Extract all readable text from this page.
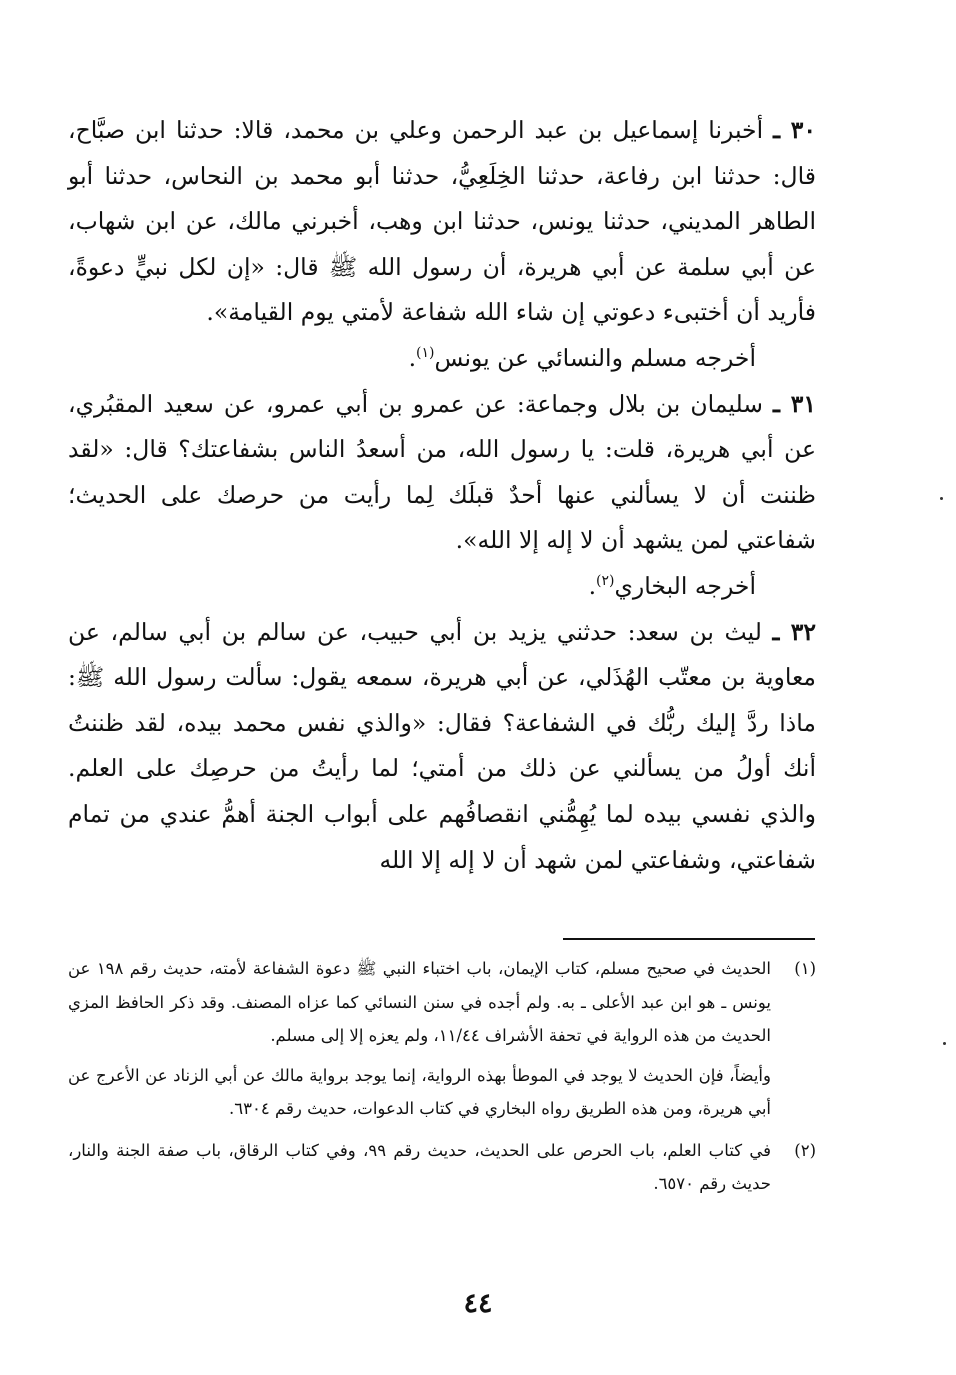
٣٠ ـ أخبرنا إسماعيل بن عبد الرحمن وعلي بن محمد، قالا: حدثنا ابن صبَّاح، قال: حدثنا ابن رفاعة، حدثنا الخِلَعِيُّ، حدثنا أبو محمد بن النحاس، حدثنا أبو الطاهر المديني، حدثنا يونس، حدثنا ابن وهب، أخبرني مالك، عن ابن شهاب، عن أبي سلمة عن أبي هريرة، أن رسول الله ﷺ قال: «إن لكل نبيٍّ دعوةً، فأريد أن أختبىء دعوتي إن شاء الله شفاعة لأمتي يوم القيامة».

أخرجه مسلم والنسائي عن يونس$^{(١)}$.

٣١ ـ سليمان بن بلال وجماعة: عن عمرو بن أبي عمرو، عن سعيد المقبُري، عن أبي هريرة، قلت: يا رسول الله، من أسعدُ الناس بشفاعتك؟ قال: «لقد ظننت أن لا يسألني عنها أحدٌ قبلَك لِما رأيت من حرصك على الحديث؛ شفاعتي لمن يشهد أن لا إله إلا الله».

أخرجه البخاري$^{(٢)}$.

٣٢ ـ ليث بن سعد: حدثني يزيد بن أبي حبيب، عن سالم بن أبي سالم، عن معاوية بن معتّب الهُذَلي، عن أبي هريرة، سمعه يقول: سألت رسول الله ﷺ: ماذا ردَّ إليك ربُّك في الشفاعة؟ فقال: «والذي نفس محمد بيده، لقد ظننتُ أنك أولُ من يسألني عن ذلك من أمتي؛ لما رأيتُ من حرصِك على العلم. والذي نفسي بيده لما يُهِمُّني انقصافُهم على أبواب الجنة أهمُّ عندي من تمام شفاعتي، وشفاعتي لمن شهد أن لا إله إلا الله

(١)
الحديث في صحيح مسلم، كتاب الإيمان، باب اختباء النبي ﷺ دعوة الشفاعة لأمته، حديث رقم ١٩٨ عن يونس ـ هو ابن عبد الأعلى ـ به. ولم أجده في سنن النسائي كما عزاه المصنف. وقد ذكر الحافظ المزي الحديث من هذه الرواية في تحفة الأشراف ١١/٤٤، ولم يعزه إلا إلى مسلم.

وأيضاً، فإن الحديث لا يوجد في الموطأ بهذه الرواية، إنما يوجد برواية مالك عن أبي الزناد عن الأعرج عن أبي هريرة، ومن هذه الطريق رواه البخاري في كتاب الدعوات، حديث رقم ٦٣٠٤.

(٢)
في كتاب العلم، باب الحرص على الحديث، حديث رقم ٩٩، وفي كتاب الرقاق، باب صفة الجنة والنار، حديث رقم ٦٥٧٠.

٤٤
